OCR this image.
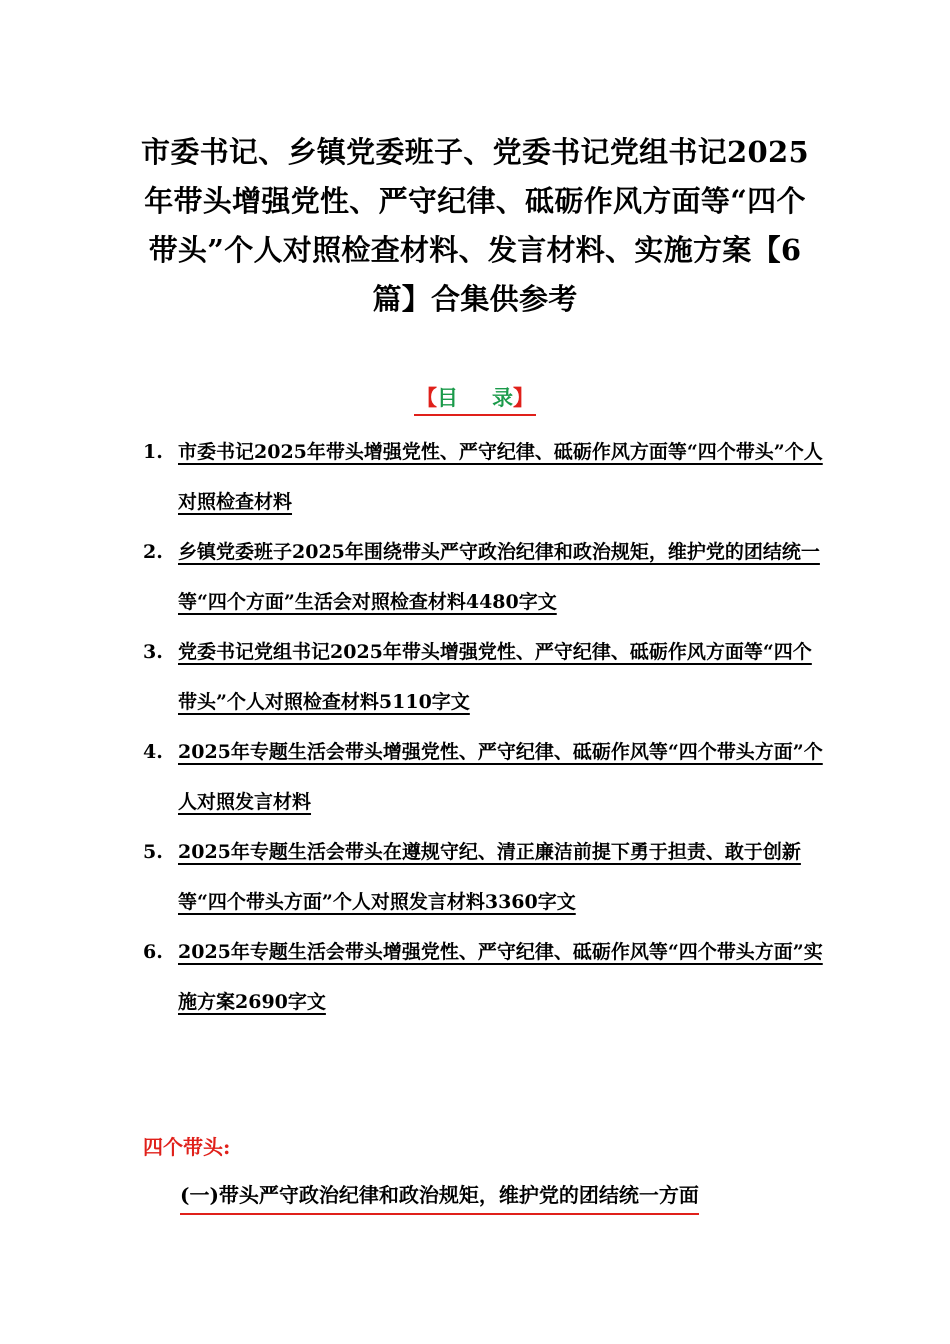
市委书记、乡镇党委班子、党委书记党组书记2025年带头增强党性、严守纪律、砥砺作风方面等“四个带头”个人对照检查材料、发言材料、实施方案【6篇】合集供参考
【目录】
1. 市委书记2025年带头增强党性、严守纪律、砥砺作风方面等“四个带头”个人对照检查材料
2. 乡镇党委班子2025年围绕带头严守政治纪律和政治规矩，维护党的团结统一等“四个方面”生活会对照检查材料4480字文
3. 党委书记党组书记2025年带头增强党性、严守纪律、砥砺作风方面等“四个带头”个人对照检查材料5110字文
4. 2025年专题生活会带头增强党性、严守纪律、砥砺作风等“四个带头方面”个人对照发言材料
5. 2025年专题生活会带头在遵规守纪、清正廉洁前提下勇于担责、敢于创新等“四个带头方面”个人对照发言材料3360字文
6. 2025年专题生活会带头增强党性、严守纪律、砥砺作风等“四个带头方面”实施方案2690字文
四个带头:
(一)带头严守政治纪律和政治规矩，维护党的团结统一方面
